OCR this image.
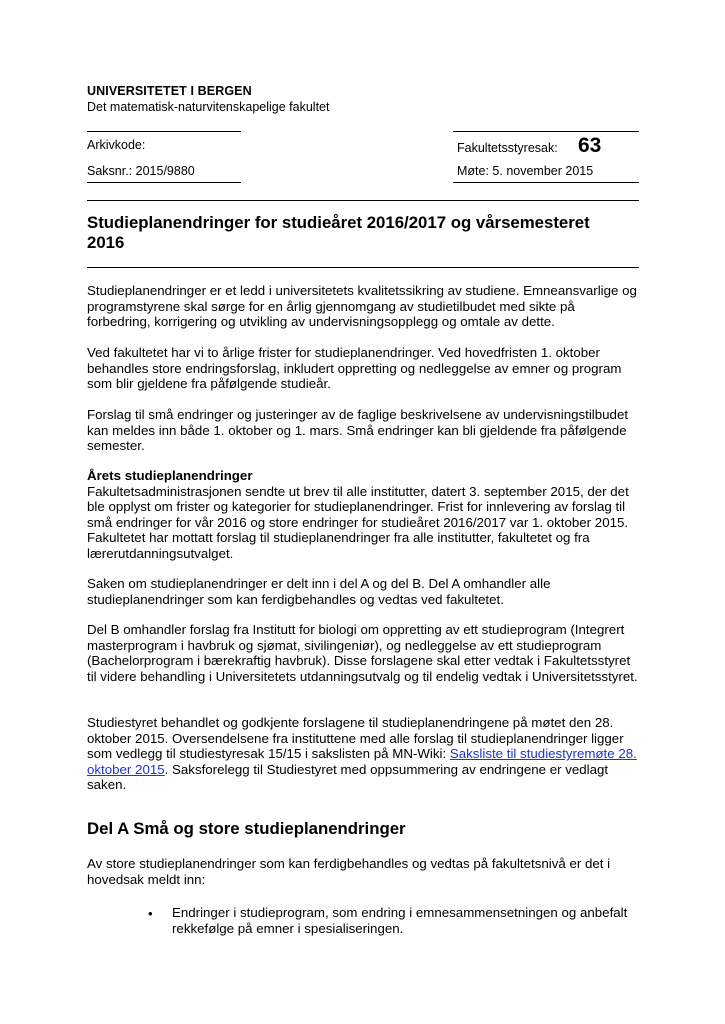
UNIVERSITETET I BERGEN
Det matematisk-naturvitenskapelige fakultet
Arkivkode:	Fakultetsstyresak: 63
Saksnr.: 2015/9880	Møte: 5. november 2015
Studieplanendringer for studieåret 2016/2017 og vårsemesteret 2016

Studieplanendringer er et ledd i universitetets kvalitetssikring av studiene. Emneansvarlige og programstyrene skal sørge for en årlig gjennomgang av studietilbudet med sikte på forbedring, korrigering og utvikling av undervisningsopplegg og omtale av dette.

Ved fakultetet har vi to årlige frister for studieplanendringer. Ved hovedfristen 1. oktober behandles store endringsforslag, inkludert oppretting og nedleggelse av emner og program som blir gjeldene fra påfølgende studieår.

Forslag til små endringer og justeringer av de faglige beskrivelsene av undervisningstilbudet kan meldes inn både 1. oktober og 1. mars. Små endringer kan bli gjeldende fra påfølgende semester.

Årets studieplanendringer
Fakultetsadministrasjonen sendte ut brev til alle institutter, datert 3. september 2015, der det ble opplyst om frister og kategorier for studieplanendringer. Frist for innlevering av forslag til små endringer for vår 2016 og store endringer for studieåret 2016/2017 var 1. oktober 2015. Fakultetet har mottatt forslag til studieplanendringer fra alle institutter, fakultetet og fra lærerutdanningsutvalget.

Saken om studieplanendringer er delt inn i del A og del B. Del A omhandler alle studieplanendringer som kan ferdigbehandles og vedtas ved fakultetet.

Del B omhandler forslag fra Institutt for biologi om oppretting av ett studieprogram (Integrert masterprogram i havbruk og sjømat, sivilingeniør), og nedleggelse av ett studieprogram (Bachelorprogram i bærekraftig havbruk). Disse forslagene skal etter vedtak i Fakultetsstyret til videre behandling i Universitetets utdanningsutvalg og til endelig vedtak i Universitetsstyret.

Studiestyret behandlet og godkjente forslagene til studieplanendringene på møtet den 28. oktober 2015. Oversendelsene fra instituttene med alle forslag til studieplanendringer ligger som vedlegg til studiestyresak 15/15 i sakslisten på MN-Wiki: Saksliste til studiestyremøte 28. oktober 2015. Saksforelegg til Studiestyret med oppsummering av endringene er vedlagt saken.

Del A Små og store studieplanendringer

Av store studieplanendringer som kan ferdigbehandles og vedtas på fakultetsnivå er det i hovedsak meldt inn:

• Endringer i studieprogram, som endring i emnesammensetningen og anbefalt rekkefølge på emner i spesialiseringen.
